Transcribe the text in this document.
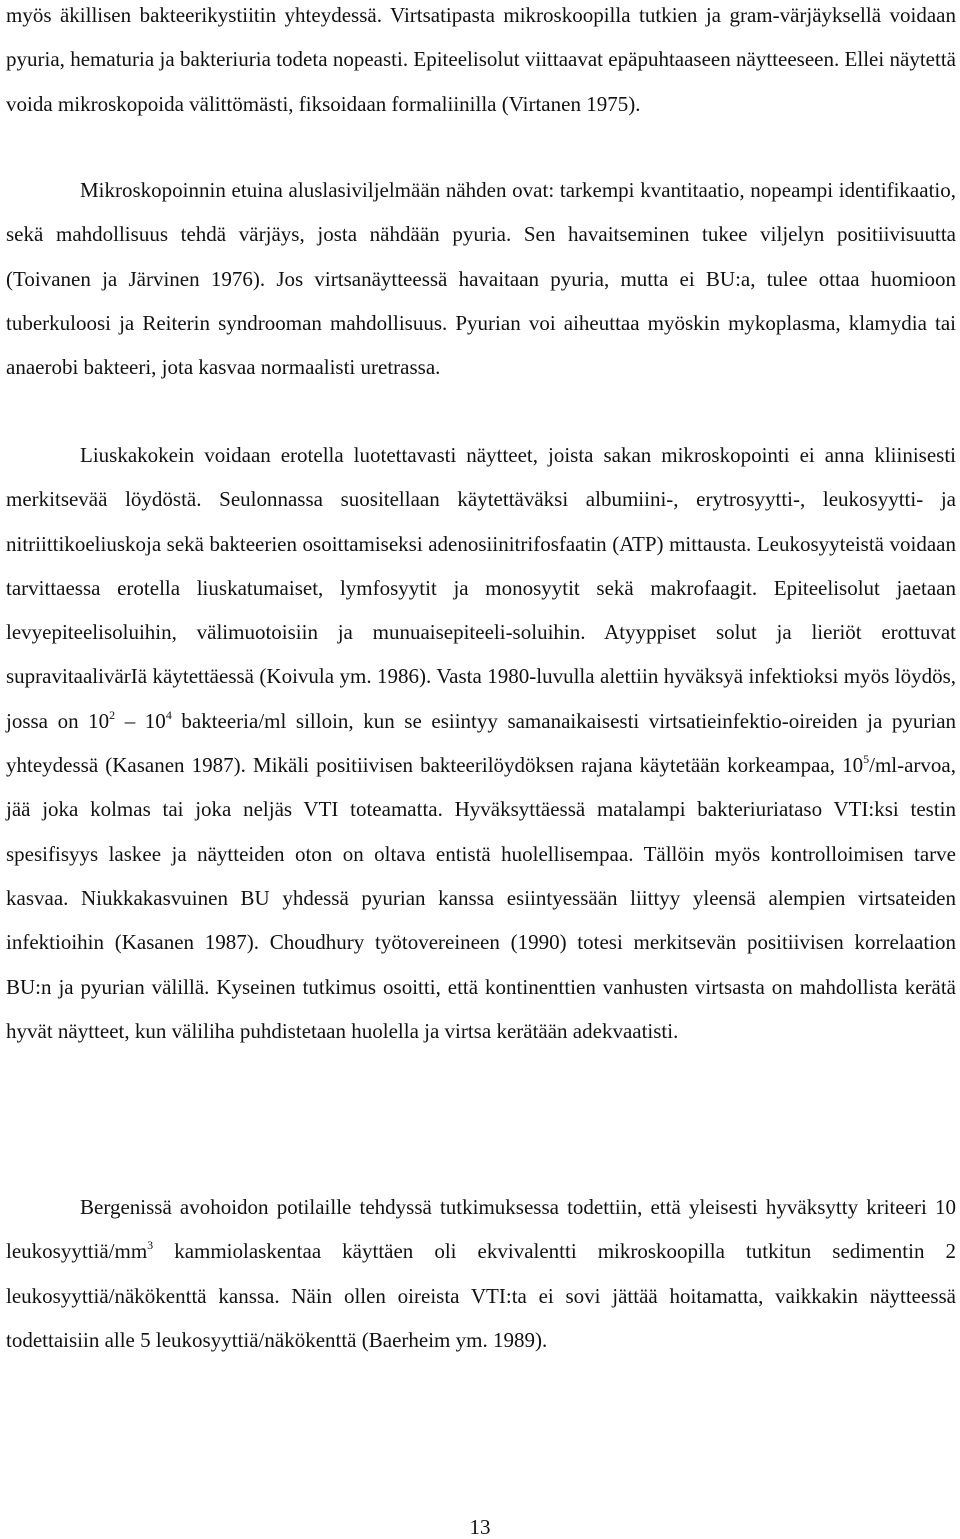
myös äkillisen bakteerikystiitin yhteydessä. Virtsatipasta mikroskoopilla tutkien ja gram-värjäyksellä voidaan pyuria, hematuria ja bakteriuria todeta nopeasti. Epiteelisolut viittaavat epäpuhtaaseen näytteeseen. Ellei näytettä voida mikroskopoida välittömästi, fiksoidaan formaliinilla (Virtanen 1975).

Mikroskopoinnin etuina aluslasiviljelmään nähden ovat: tarkempi kvantitaatio, nopeampi identifikaatio, sekä mahdollisuus tehdä värjäys, josta nähdään pyuria. Sen havaitseminen tukee viljelyn positiivisuutta (Toivanen ja Järvinen 1976). Jos virtsanäytteessä havaitaan pyuria, mutta ei BU:a, tulee ottaa huomioon tuberkuloosi ja Reiterin syndrooman mahdollisuus. Pyurian voi aiheuttaa myöskin mykoplasma, klamydia tai anaerobi bakteeri, jota kasvaa normaalisti uretrassa.

Liuskakokein voidaan erotella luotettavasti näytteet, joista sakan mikroskopointi ei anna kliinisesti merkitsevää löydöstä. Seulonnassa suositellaan käytettäväksi albumiini-, erytrosyytti-, leukosyytti- ja nitriittikoeliuskoja sekä bakteerien osoittamiseksi adenosiinitrifosfaatin (ATP) mittausta. Leukosyyteistä voidaan tarvittaessa erotella liuskatumaiset, lymfosyytit ja monosyytit sekä makrofaagit. Epiteelisolut jaetaan levyepiteelisoluihin, välimuotoisiin ja munuaisepiteeli-soluihin. Atyyppiset solut ja lieriöt erottuvat supravitaalivärIä käytettäessä (Koivula ym. 1986). Vasta 1980-luvulla alettiin hyväksyä infektioksi myös löydös, jossa on $10^2 - 10^4$ bakteeria/ml silloin, kun se esiintyy samanaikaisesti virtsatieinfektio-oireiden ja pyurian yhteydessä (Kasanen 1987). Mikäli positiivisen bakteerilöydöksen rajana käytetään korkeampaa, $10^5/ml$-arvoa, jää joka kolmas tai joka neljäs VTI toteamatta. Hyväksyttäessä matalampi bakteriuriataso VTI:ksi testin spesifisyys laskee ja näytteiden oton on oltava entistä huolellisempaa. Tällöin myös kontrolloimisen tarve kasvaa. Niukkakasvuinen BU yhdessä pyurian kanssa esiintyessään liittyy yleensä alempien virtsateiden infektioihin (Kasanen 1987). Choudhury työtovereineen (1990) totesi merkitsevän positiivisen korrelaation BU:n ja pyurian välillä. Kyseinen tutkimus osoitti, että kontinenttien vanhusten virtsasta on mahdollista kerätä hyvät näytteet, kun väliliha puhdistetaan huolella ja virtsa kerätään adekvaatisti.

Bergenissä avohoidon potilaille tehdyssä tutkimuksessa todettiin, että yleisesti hyväksytty kriteeri 10 leukosyyttiä/$mm^3$ kammiolaskentaa käyttäen oli ekvivalentti mikroskoopilla tutkitun sedimentin 2 leukosyyttiä/näkökenttä kanssa. Näin ollen oireista VTI:ta ei sovi jättää hoitamatta, vaikkakin näytteessä todettaisiin alle 5 leukosyyttiä/näkökenttä (Baerheim ym. 1989).

13
